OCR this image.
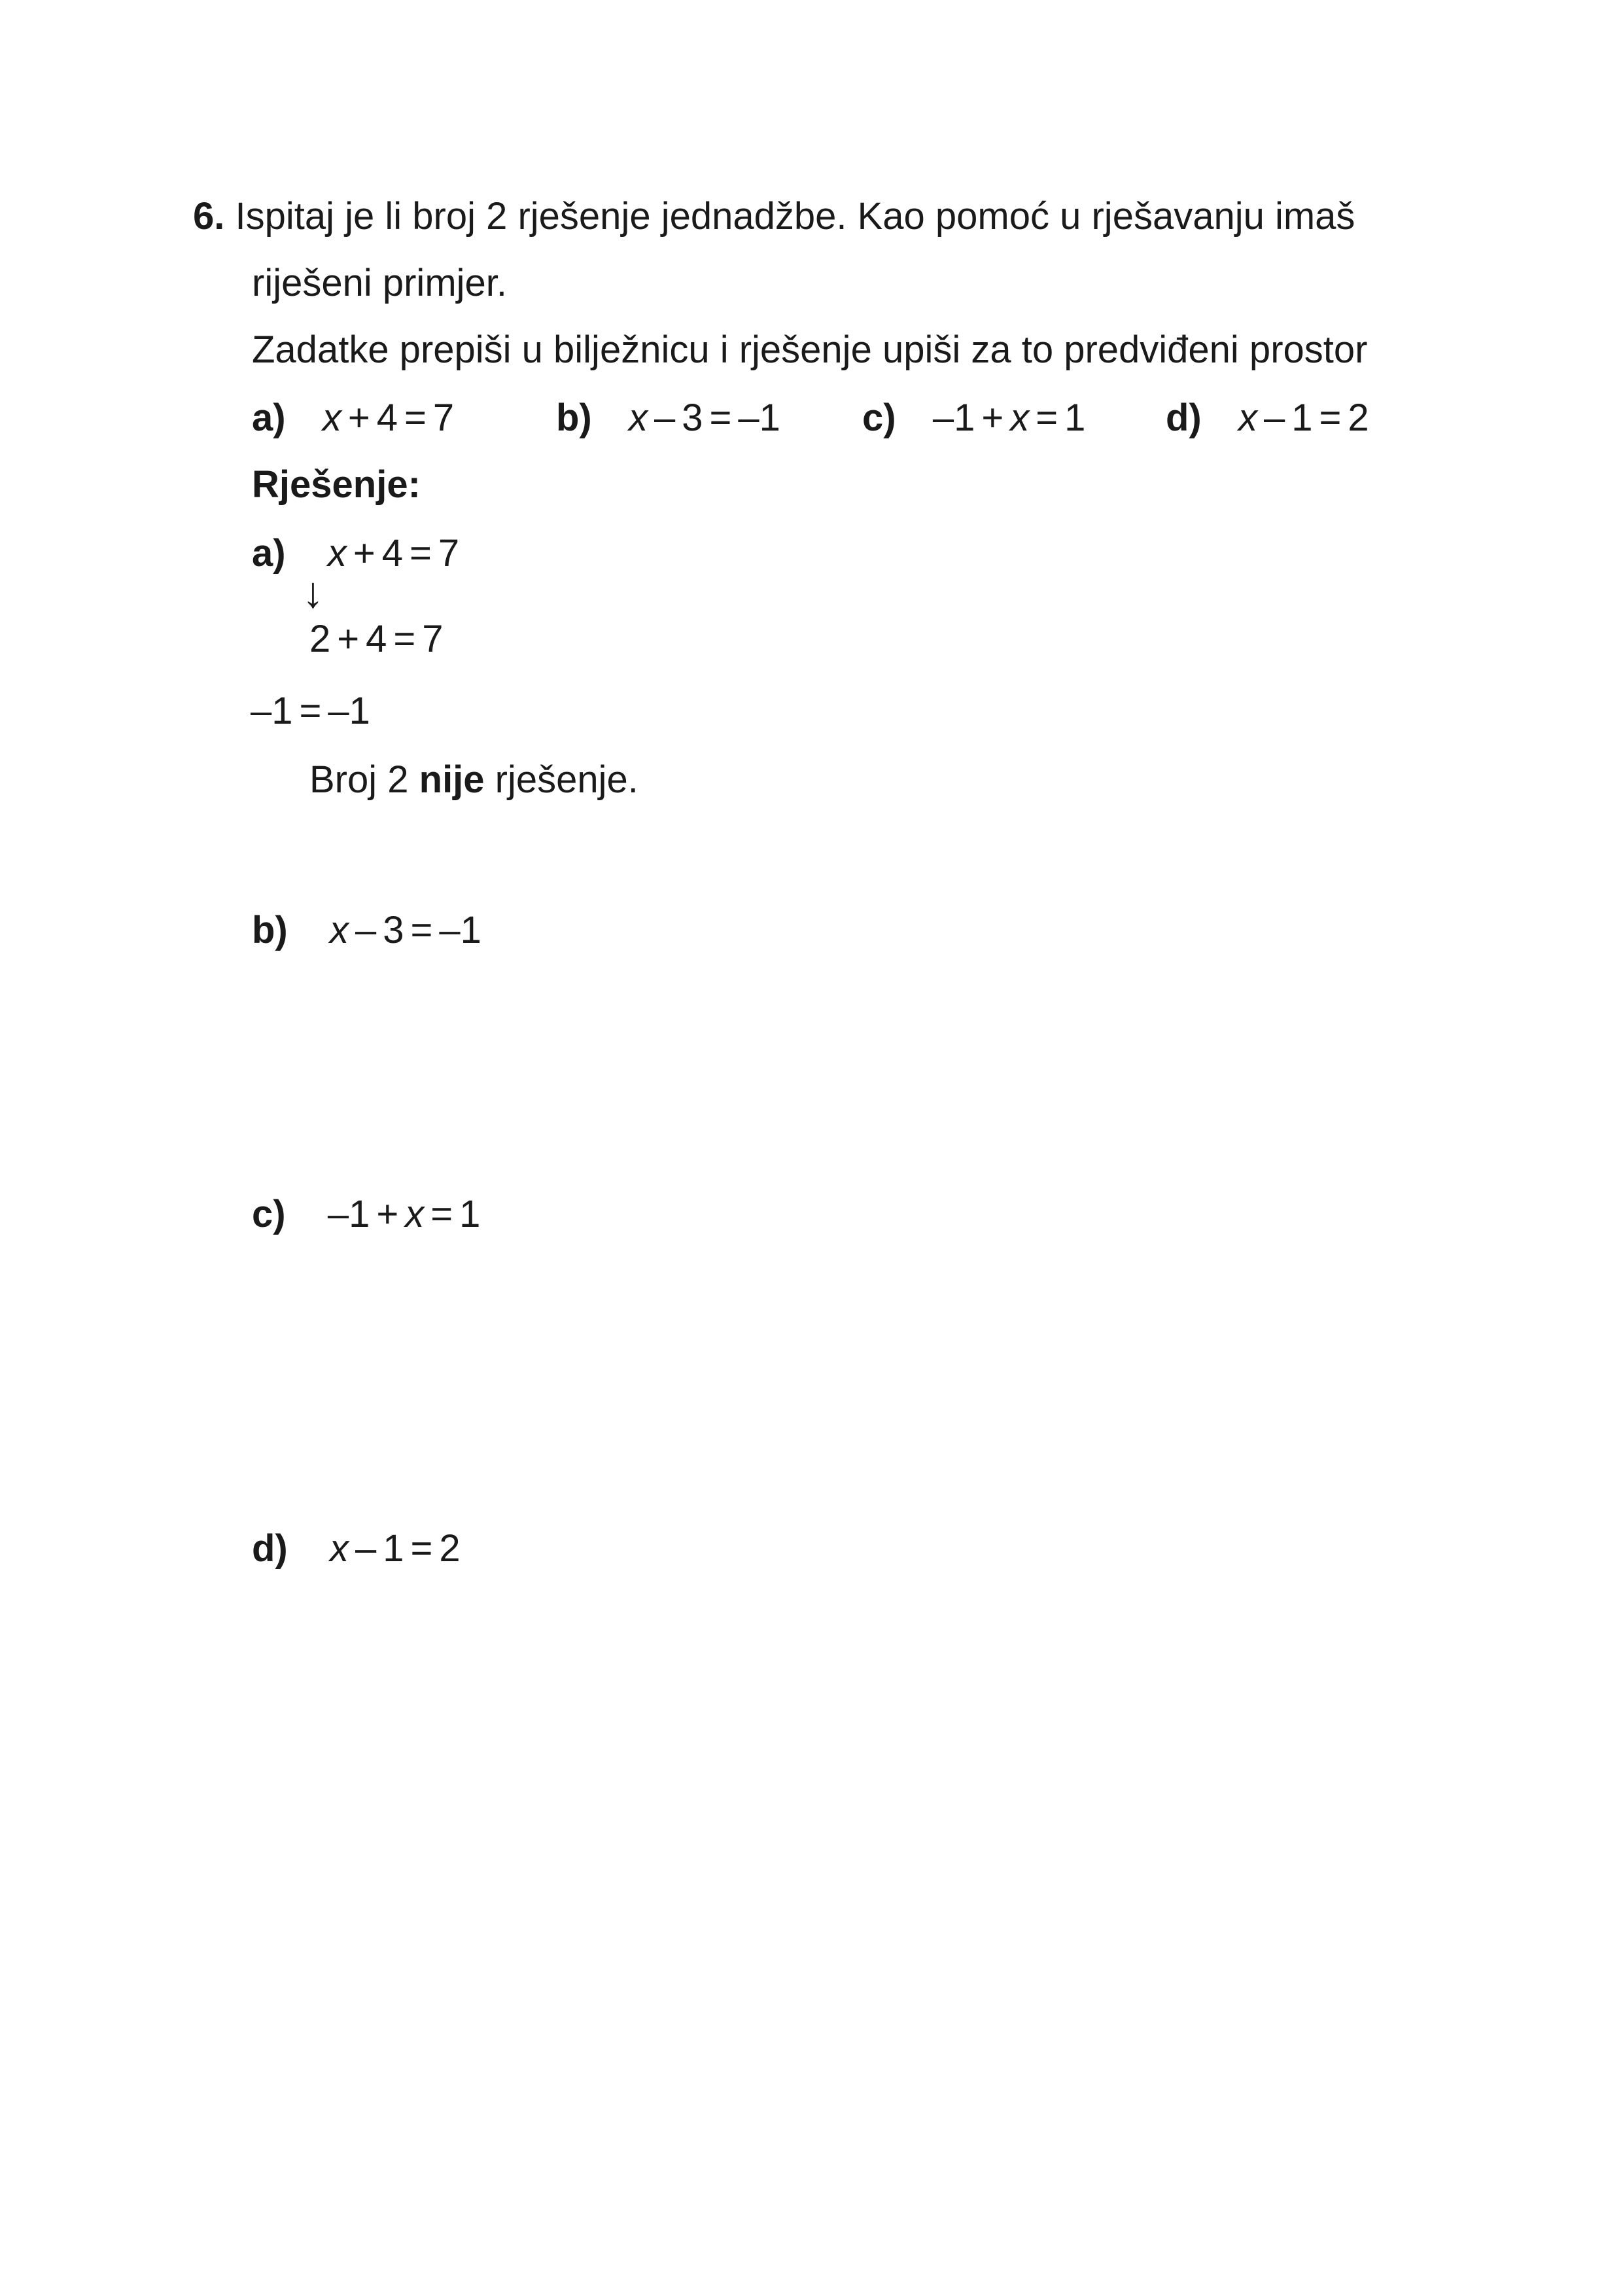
6. Ispitaj je li broj 2 rješenje jednadžbe. Kao pomoć u rješavanju imaš
riješeni primjer.
Zadatke prepiši u bilježnicu i rješenje upiši za to predviđeni prostor
a) x + 4 = 7	b) x – 3 = –1 c) –1 + x = 1 d) x – 1 = 2
Rješenje:
a) x + 4 = 7
↓
2 + 4 = 7
–1 = –1
Broj 2 nije rješenje.
b) x – 3 = –1
c) –1 + x = 1
d) x – 1 = 2
